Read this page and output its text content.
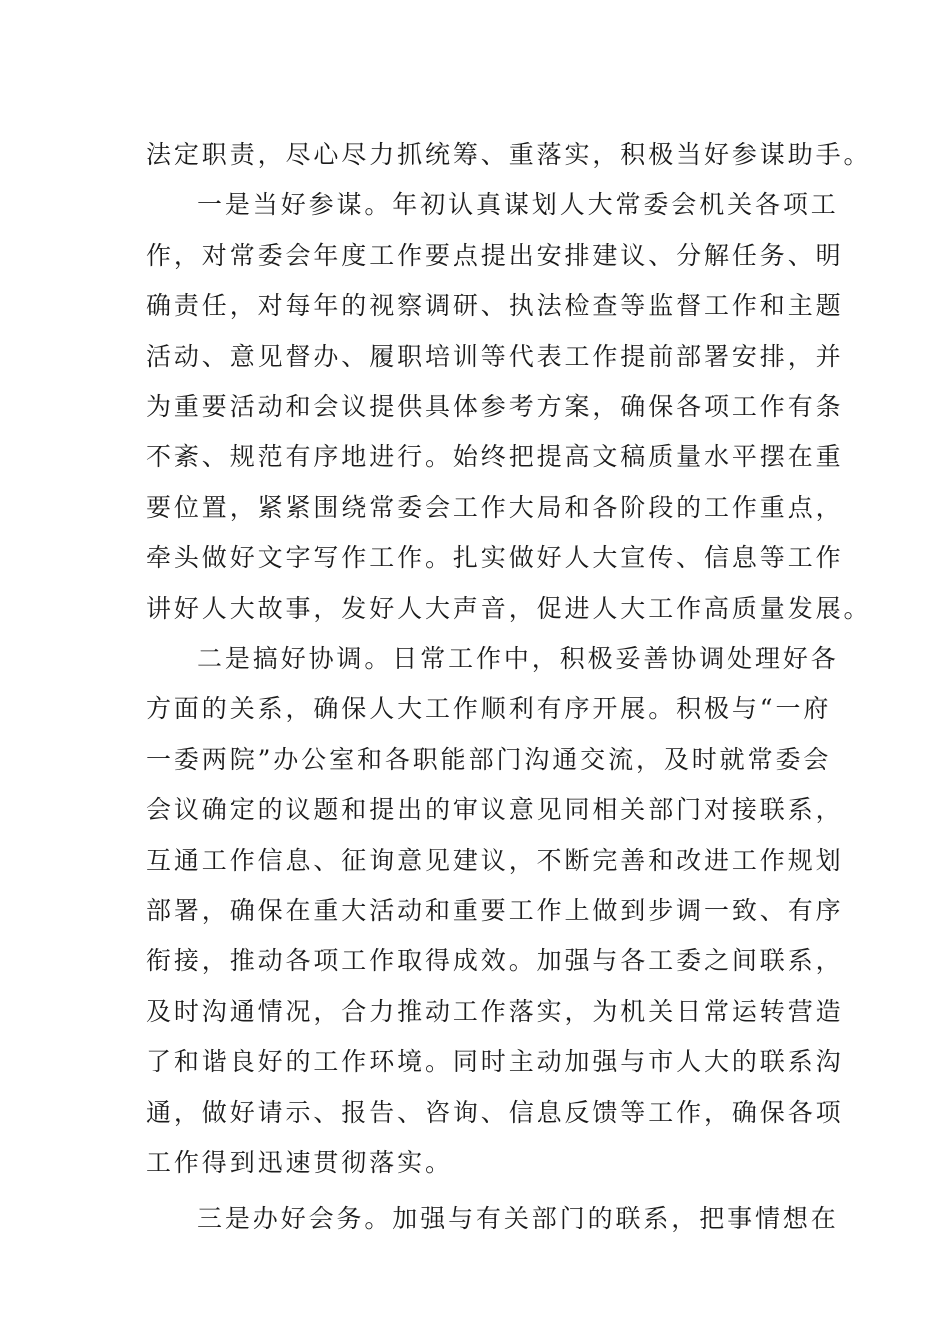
法定职责，尽心尽力抓统筹、重落实，积极当好参谋助手。
一是当好参谋。年初认真谋划人大常委会机关各项工
作，对常委会年度工作要点提出安排建议、分解任务、明
确责任，对每年的视察调研、执法检查等监督工作和主题
活动、意见督办、履职培训等代表工作提前部署安排，并
为重要活动和会议提供具体参考方案，确保各项工作有条
不紊、规范有序地进行。始终把提高文稿质量水平摆在重
要位置，紧紧围绕常委会工作大局和各阶段的工作重点，
牵头做好文字写作工作。扎实做好人大宣传、信息等工作
讲好人大故事，发好人大声音，促进人大工作高质量发展。
二是搞好协调。日常工作中，积极妥善协调处理好各
方面的关系，确保人大工作顺利有序开展。积极与“一府
一委两院”办公室和各职能部门沟通交流，及时就常委会
会议确定的议题和提出的审议意见同相关部门对接联系，
互通工作信息、征询意见建议，不断完善和改进工作规划
部署，确保在重大活动和重要工作上做到步调一致、有序
衔接，推动各项工作取得成效。加强与各工委之间联系，
及时沟通情况，合力推动工作落实，为机关日常运转营造
了和谐良好的工作环境。同时主动加强与市人大的联系沟
通，做好请示、报告、咨询、信息反馈等工作，确保各项
工作得到迅速贯彻落实。
三是办好会务。加强与有关部门的联系，把事情想在
